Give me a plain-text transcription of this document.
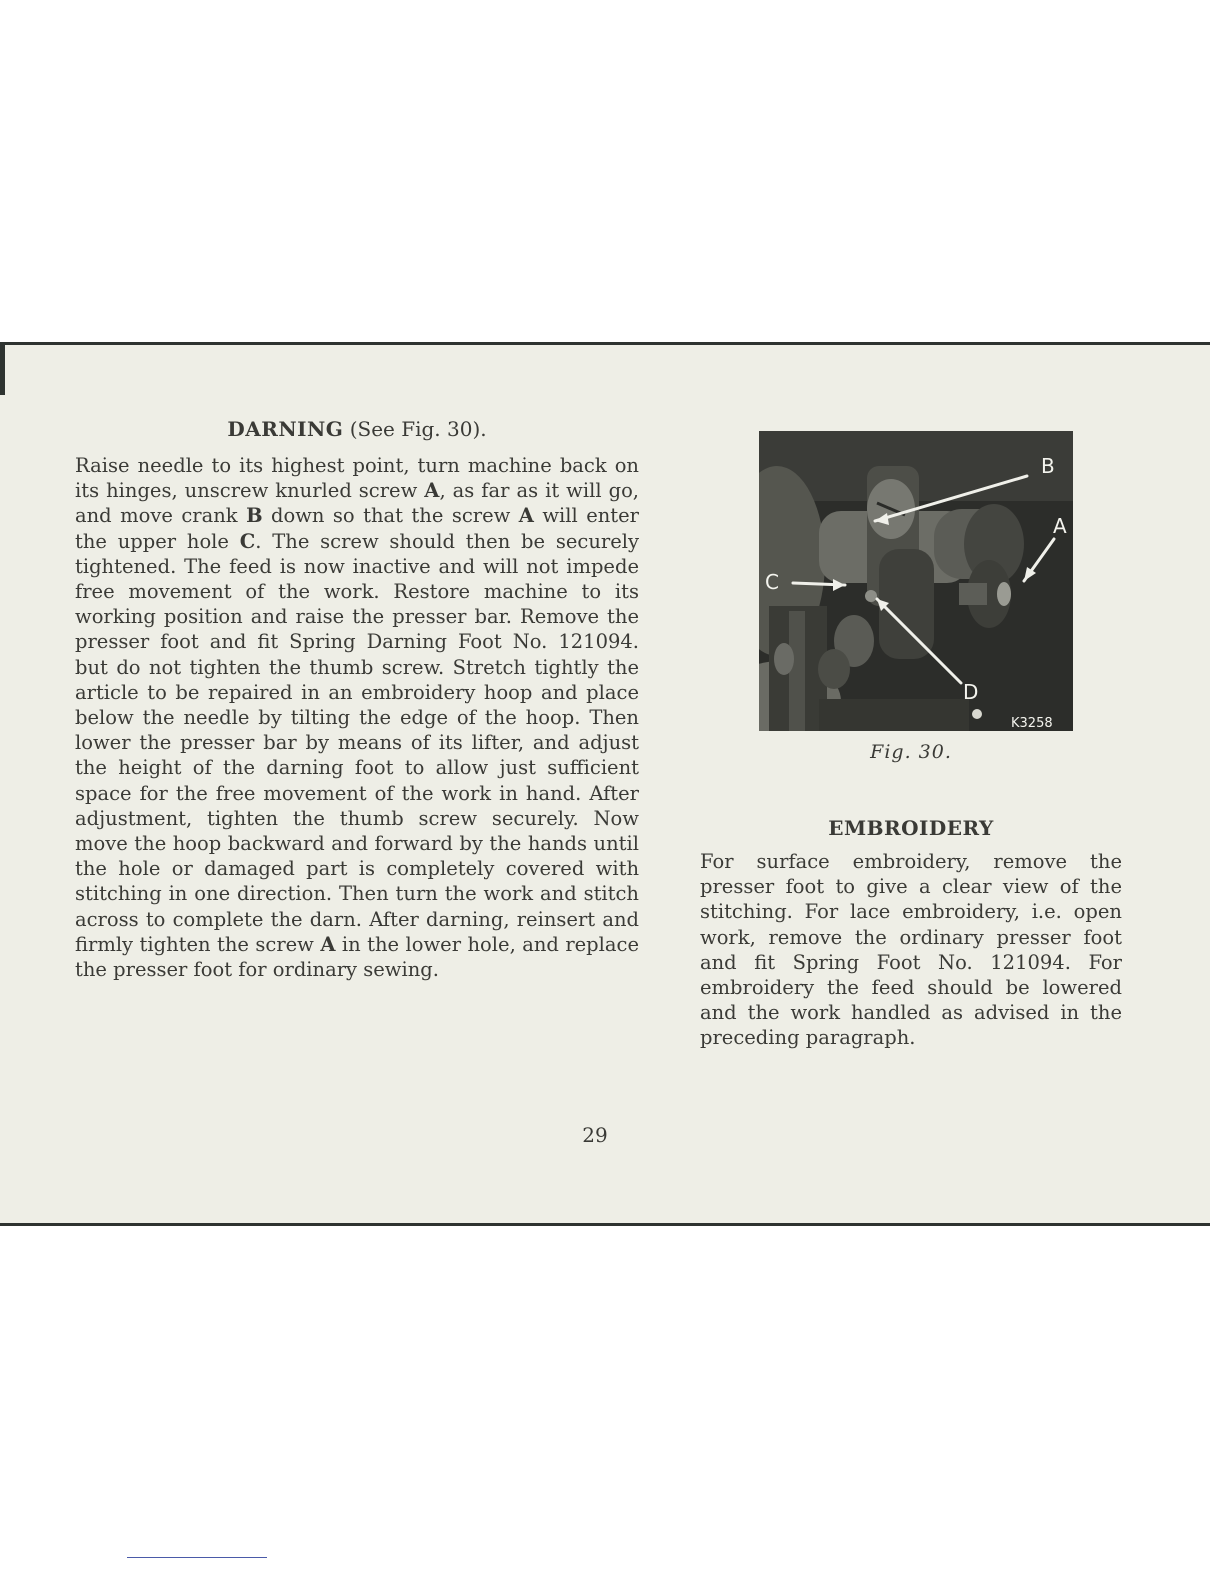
DARNING (See Fig. 30).

Raise needle to its highest point, turn machine back on its hinges, unscrew knurled screw A, as far as it will go, and move crank B down so that the screw A will enter the upper hole C. The screw should then be securely tightened. The feed is now inactive and will not impede free movement of the work. Restore machine to its working position and raise the presser bar. Remove the presser foot and fit Spring Darning Foot No. 121094. but do not tighten the thumb screw. Stretch tightly the article to be repaired in an embroidery hoop and place below the needle by tilting the edge of the hoop. Then lower the presser bar by means of its lifter, and adjust the height of the darning foot to allow just sufficient space for the free movement of the work in hand. After adjustment, tighten the thumb screw securely. Now move the hoop backward and forward by the hands until the hole or damaged part is completely covered with stitching in one direction. Then turn the work and stitch across to complete the darn. After darning, reinsert and firmly tighten the screw A in the lower hole, and replace the presser foot for ordinary sewing.

B
A
C
D
K3258
Fig. 30.

EMBROIDERY

For surface embroidery, remove the presser foot to give a clear view of the stitching. For lace embroidery, i.e. open work, remove the ordinary presser foot and fit Spring Foot No. 121094. For embroidery the feed should be lowered and the work handled as advised in the preceding paragraph.

29
